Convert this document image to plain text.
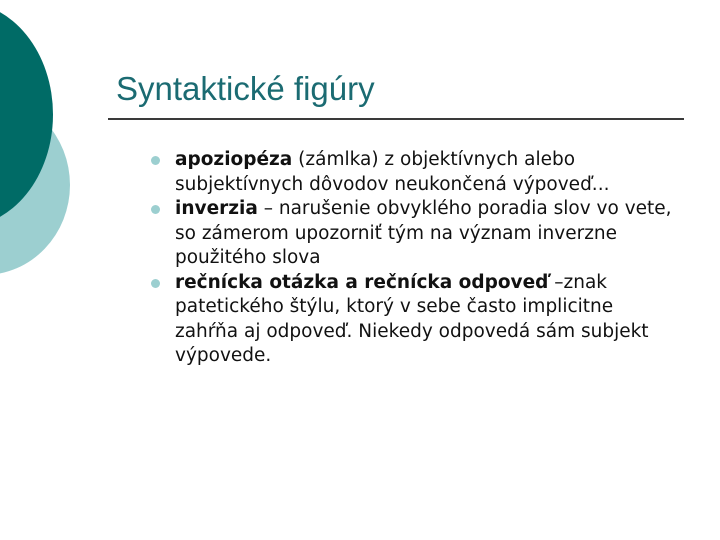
Syntaktické figúry
apoziopéza (zámlka) z objektívnych alebo subjektívnych dôvodov neukončená výpoveď...
inverzia – narušenie obvyklého poradia slov vo vete, so zámerom upozorniť tým na význam inverzne použitého slova
rečnícka otázka a rečnícka odpoveď –znak patetického štýlu, ktorý v sebe často implicitne zahŕňa aj odpoveď. Niekedy odpovedá sám subjekt výpovede.
